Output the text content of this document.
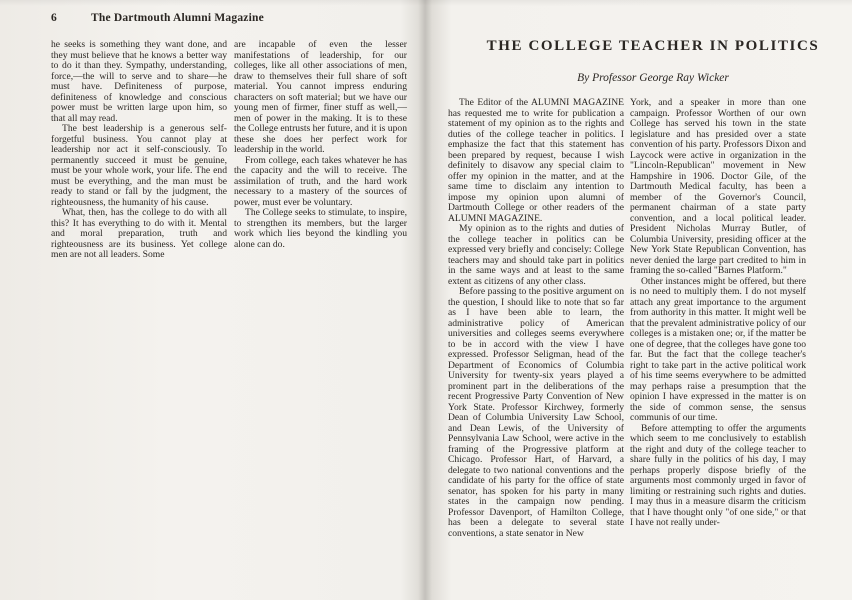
6	The Dartmouth Alumni Magazine

he seeks is something they want done, and they must believe that he knows a better way to do it than they. Sympathy, understanding, force,—the will to serve and to share—he must have. Definiteness of purpose, definiteness of knowledge and conscious power must be written large upon him, so that all may read.

The best leadership is a generous self-forgetful business. You cannot play at leadership nor act it self-consciously. To permanently succeed it must be genuine, must be your whole work, your life. The end must be everything, and the man must be ready to stand or fall by the judgment, the righteousness, the humanity of his cause.

What, then, has the college to do with all this? It has everything to do with it. Mental and moral preparation, truth and righteousness are its business. Yet college men are not all leaders. Some

are incapable of even the lesser manifestations of leadership, for our colleges, like all other associations of men, draw to themselves their full share of soft material. You cannot impress enduring characters on soft material; but we have our young men of firmer, finer stuff as well,—men of power in the making. It is to these the College entrusts her future, and it is upon these she does her perfect work for leadership in the world.

From college, each takes whatever he has the capacity and the will to receive. The assimilation of truth, and the hard work necessary to a mastery of the sources of power, must ever be voluntary.

The College seeks to stimulate, to inspire, to strengthen its members, but the larger work which lies beyond the kindling you alone can do.

THE COLLEGE TEACHER IN POLITICS
By Professor George Ray Wicker

The Editor of the ALUMNI MAGAZINE has requested me to write for publication a statement of my opinion as to the rights and duties of the college teacher in politics. I emphasize the fact that this statement has been prepared by request, because I wish definitely to disavow any special claim to offer my opinion in the matter, and at the same time to disclaim any intention to impose my opinion upon alumni of Dartmouth College or other readers of the ALUMNI MAGAZINE.

My opinion as to the rights and duties of the college teacher in politics can be expressed very briefly and concisely: College teachers may and should take part in politics in the same ways and at least to the same extent as citizens of any other class.

Before passing to the positive argument on the question, I should like to note that so far as I have been able to learn, the administrative policy of American universities and colleges seems everywhere to be in accord with the view I have expressed. Professor Seligman, head of the Department of Economics of Columbia University for twenty-six years played a prominent part in the deliberations of the recent Progressive Party Convention of New York State. Professor Kirchwey, formerly Dean of Columbia University Law School, and Dean Lewis, of the University of Pennsylvania Law School, were active in the framing of the Progressive platform at Chicago. Professor Hart, of Harvard, a delegate to two national conventions and the candidate of his party for the office of state senator, has spoken for his party in many states in the campaign now pending. Professor Davenport, of Hamilton College, has been a delegate to several state conventions, a state senator in New

York, and a speaker in more than one campaign. Professor Worthen of our own College has served his town in the state legislature and has presided over a state convention of his party. Professors Dixon and Laycock were active in organization in the "Lincoln-Republican" movement in New Hampshire in 1906. Doctor Gile, of the Dartmouth Medical faculty, has been a member of the Governor's Council, permanent chairman of a state party convention, and a local political leader. President Nicholas Murray Butler, of Columbia University, presiding officer at the New York State Republican Convention, has never denied the large part credited to him in framing the so-called "Barnes Platform."

Other instances might be offered, but there is no need to multiply them. I do not myself attach any great importance to the argument from authority in this matter. It might well be that the prevalent administrative policy of our colleges is a mistaken one; or, if the matter be one of degree, that the colleges have gone too far. But the fact that the college teacher's right to take part in the active political work of his time seems everywhere to be admitted may perhaps raise a presumption that the opinion I have expressed in the matter is on the side of common sense, the sensus communis of our time.

Before attempting to offer the arguments which seem to me conclusively to establish the right and duty of the college teacher to share fully in the politics of his day, I may perhaps properly dispose briefly of the arguments most commonly urged in favor of limiting or restraining such rights and duties. I may thus in a measure disarm the criticism that I have thought only "of one side," or that I have not really under-
